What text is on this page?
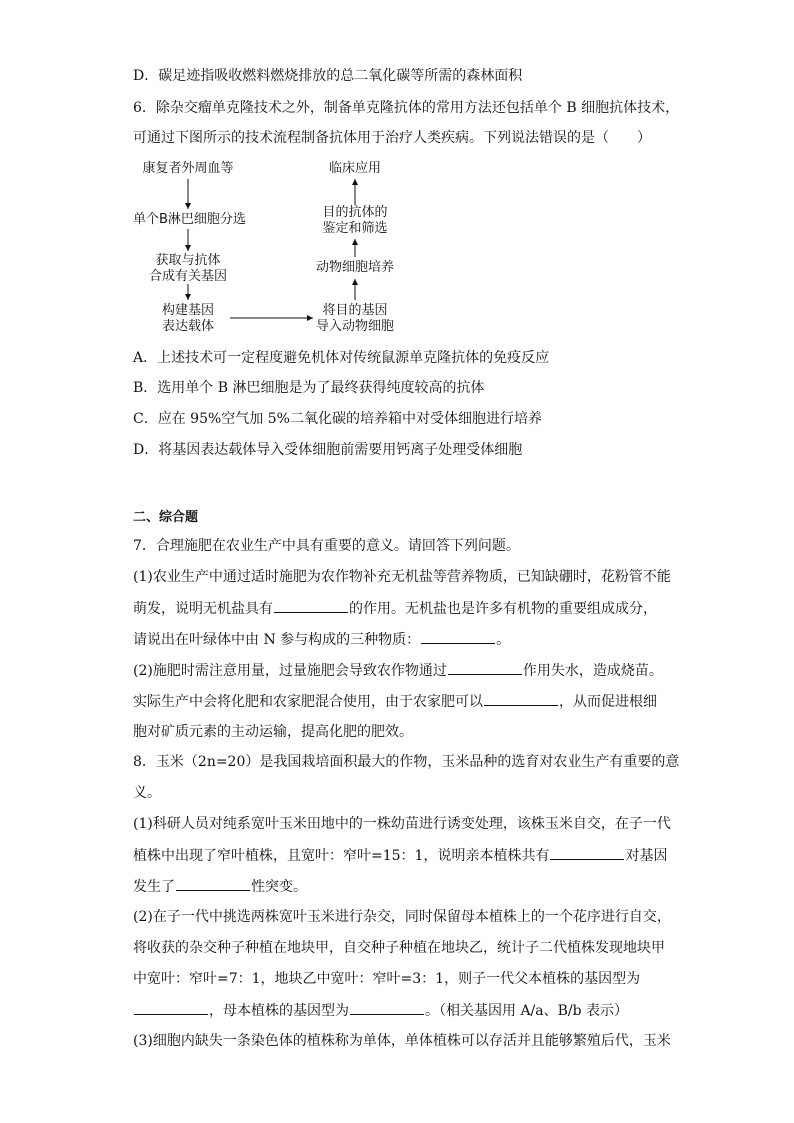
D．碳足迹指吸收燃料燃烧排放的总二氧化碳等所需的森林面积
6．除杂交瘤单克隆技术之外，制备单克隆抗体的常用方法还包括单个 B 细胞抗体技术，
可通过下图所示的技术流程制备抗体用于治疗人类疾病。下列说法错误的是（　　）
康复者外周血等
单个B淋巴细胞分选
获取与抗体
合成有关基因
构建基因
表达载体
临床应用
目的抗体的
鉴定和筛选
动物细胞培养
将目的基因
导入动物细胞
A．上述技术可一定程度避免机体对传统鼠源单克隆抗体的免疫反应
B．选用单个 B 淋巴细胞是为了最终获得纯度较高的抗体
C．应在 95%空气加 5%二氧化碳的培养箱中对受体细胞进行培养
D．将基因表达载体导入受体细胞前需要用钙离子处理受体细胞
二、综合题
7．合理施肥在农业生产中具有重要的意义。请回答下列问题。
(1)农业生产中通过适时施肥为农作物补充无机盐等营养物质，已知缺硼时，花粉管不能
萌发，说明无机盐具有	的作用。无机盐也是许多有机物的重要组成成分，
请说出在叶绿体中由 N 参与构成的三种物质：	。
(2)施肥时需注意用量，过量施肥会导致农作物通过	作用失水，造成烧苗。
实际生产中会将化肥和农家肥混合使用，由于农家肥可以	，从而促进根细
胞对矿质元素的主动运输，提高化肥的肥效。
8．玉米（2n=20）是我国栽培面积最大的作物，玉米品种的选育对农业生产有重要的意
义。
(1)科研人员对纯系宽叶玉米田地中的一株幼苗进行诱变处理，该株玉米自交，在子一代
植株中出现了窄叶植株，且宽叶：窄叶=15：1，说明亲本植株共有	对基因
发生了	性突变。
(2)在子一代中挑选两株宽叶玉米进行杂交，同时保留母本植株上的一个花序进行自交，
将收获的杂交种子种植在地块甲，自交种子种植在地块乙，统计子二代植株发现地块甲
中宽叶：窄叶=7：1，地块乙中宽叶：窄叶=3：1，则子一代父本植株的基因型为
，母本植株的基因型为	。（相关基因用 A/a、B/b 表示）
(3)细胞内缺失一条染色体的植株称为单体，单体植株可以存活并且能够繁殖后代，玉米
